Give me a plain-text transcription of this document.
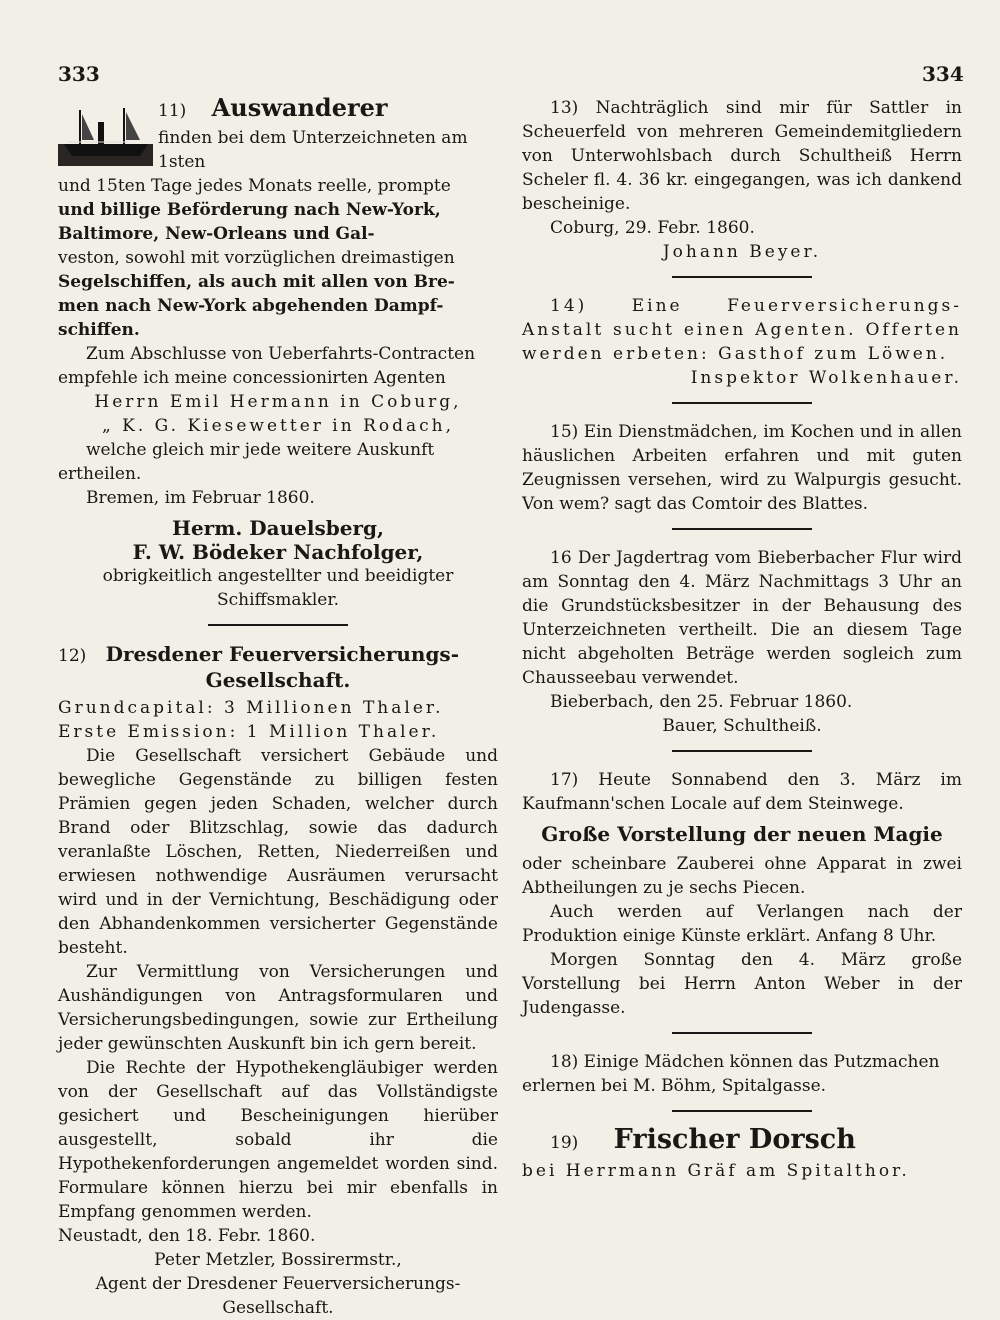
333	334
11) Auswanderer

finden bei dem Unterzeichneten am 1sten

und 15ten Tage jedes Monats reelle, prompte

und billige Beförderung nach New-York,

Baltimore, New-Orleans und Gal-

veston, sowohl mit vorzüglichen dreimastigen

Segelschiffen, als auch mit allen von Bre-

men nach New-York abgehenden Dampf-

schiffen.

Zum Abschlusse von Ueberfahrts-Contracten empfehle ich meine concessionirten Agenten

Herrn Emil Hermann in Coburg,

„ K. G. Kiesewetter in Rodach,

welche gleich mir jede weitere Auskunft ertheilen.

Bremen, im Februar 1860.

Herm. Dauelsberg,

F. W. Bödeker Nachfolger,

obrigkeitlich angestellter und beeidigter

Schiffsmakler.

12) Dresdener Feuerversicherungs-

Gesellschaft.

Grundcapital: 3 Millionen Thaler.

Erste Emission: 1 Million Thaler.

Die Gesellschaft versichert Gebäude und bewegliche Gegenstände zu billigen festen Prämien gegen jeden Schaden, welcher durch Brand oder Blitzschlag, sowie das dadurch veranlaßte Löschen, Retten, Niederreißen und erwiesen nothwendige Ausräumen verursacht wird und in der Vernichtung, Beschädigung oder den Abhandenkommen versicherter Gegenstände besteht.

Zur Vermittlung von Versicherungen und Aushändigungen von Antragsformularen und Versicherungsbedingungen, sowie zur Ertheilung jeder gewünschten Auskunft bin ich gern bereit.

Die Rechte der Hypothekengläubiger werden von der Gesellschaft auf das Vollständigste gesichert und Bescheinigungen hierüber ausgestellt, sobald ihr die Hypothekenforderungen angemeldet worden sind. Formulare können hierzu bei mir ebenfalls in Empfang genommen werden.

Neustadt, den 18. Febr. 1860.

Peter Metzler, Bossirermstr.,

Agent der Dresdener Feuerversicherungs-

Gesellschaft.

13) Nachträglich sind mir für Sattler in Scheuerfeld von mehreren Gemeindemitgliedern von Unterwohlsbach durch Schultheiß Herrn Scheler fl. 4. 36 kr. eingegangen, was ich dankend bescheinige.

Coburg, 29. Febr. 1860.

Johann Beyer.

14) Eine Feuerversicherungs-Anstalt sucht einen Agenten. Offerten werden erbeten: Gasthof zum Löwen.

Inspektor Wolkenhauer.

15) Ein Dienstmädchen, im Kochen und in allen häuslichen Arbeiten erfahren und mit guten Zeugnissen versehen, wird zu Walpurgis gesucht. Von wem? sagt das Comtoir des Blattes.

16 Der Jagdertrag vom Bieberbacher Flur wird am Sonntag den 4. März Nachmittags 3 Uhr an die Grundstücksbesitzer in der Behausung des Unterzeichneten vertheilt. Die an diesem Tage nicht abgeholten Beträge werden sogleich zum Chausseebau verwendet.

Bieberbach, den 25. Februar 1860.

Bauer, Schultheiß.

17) Heute Sonnabend den 3. März im Kaufmann'schen Locale auf dem Steinwege.

Große Vorstellung der neuen Magie

oder scheinbare Zauberei ohne Apparat in zwei Abtheilungen zu je sechs Piecen.

Auch werden auf Verlangen nach der Produktion einige Künste erklärt. Anfang 8 Uhr.

Morgen Sonntag den 4. März große Vorstellung bei Herrn Anton Weber in der Judengasse.

18) Einige Mädchen können das Putzmachen erlernen bei M. Böhm, Spitalgasse.

19) Frischer Dorsch

bei Herrmann Gräf am Spitalthor.
